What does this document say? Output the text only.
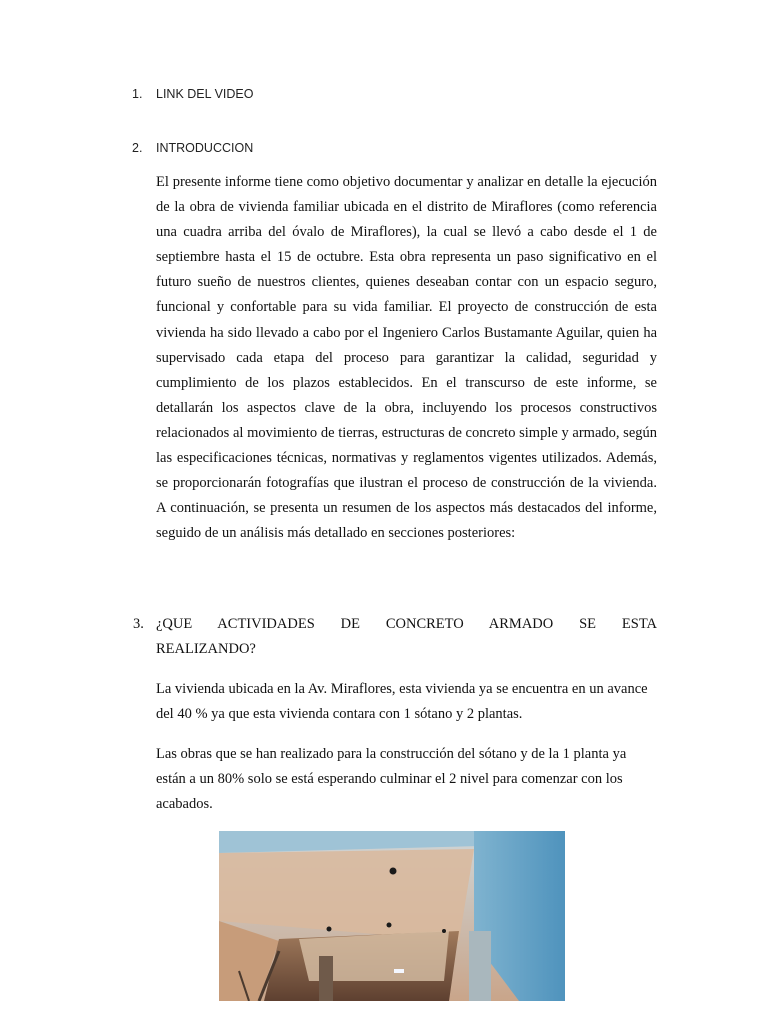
1. LINK DEL VIDEO
2. INTRODUCCION

El presente informe tiene como objetivo documentar y analizar en detalle la ejecución de la obra de vivienda familiar ubicada en el distrito de Miraflores (como referencia una cuadra arriba del óvalo de Miraflores), la cual se llevó a cabo desde el 1 de septiembre hasta el 15 de octubre. Esta obra representa un paso significativo en el futuro sueño de nuestros clientes, quienes deseaban contar con un espacio seguro, funcional y confortable para su vida familiar. El proyecto de construcción de esta vivienda ha sido llevado a cabo por el Ingeniero Carlos Bustamante Aguilar, quien ha supervisado cada etapa del proceso para garantizar la calidad, seguridad y cumplimiento de los plazos establecidos. En el transcurso de este informe, se detallarán los aspectos clave de la obra, incluyendo los procesos constructivos relacionados al movimiento de tierras, estructuras de concreto simple y armado, según las especificaciones técnicas, normativas y reglamentos vigentes utilizados. Además, se proporcionarán fotografías que ilustran el proceso de construcción de la vivienda. A continuación, se presenta un resumen de los aspectos más destacados del informe, seguido de un análisis más detallado en secciones posteriores:

3. ¿QUE ACTIVIDADES DE CONCRETO ARMADO SE ESTA
REALIZANDO?

La vivienda ubicada en la Av. Miraflores, esta vivienda ya se encuentra en un avance del 40 % ya que esta vivienda contara con 1 sótano y 2 plantas.

Las obras que se han realizado para la construcción del sótano y de la 1 planta ya están a un 80% solo se está esperando culminar el 2 nivel para comenzar con los acabados.
